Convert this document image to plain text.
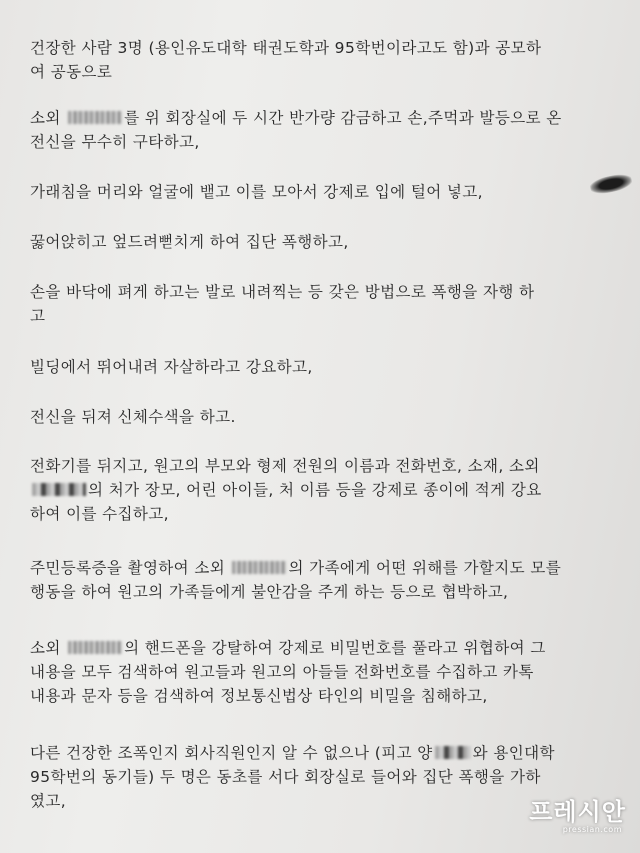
건장한 사람 3명 (용인유도대학 태권도학과 95학번이라고도 함)과 공모하
여 공동으로
소외	를 위 회장실에 두 시간 반가량 감금하고 손,주먹과 발등으로 온
전신을 무수히 구타하고,
가래침을 머리와 얼굴에 뱉고 이를 모아서 강제로 입에 털어 넣고,
꿇어앉히고 엎드려뻗치게 하여 집단 폭행하고,
손을 바닥에 펴게 하고는 발로 내려찍는 등 갖은 방법으로 폭행을 자행 하
고
빌딩에서 뛰어내려 자살하라고 강요하고,
전신을 뒤져 신체수색을 하고.
전화기를 뒤지고, 원고의 부모와 형제 전원의 이름과 전화번호, 소재, 소외
의 처가 장모, 어린 아이들, 처 이름 등을 강제로 종이에 적게 강요
하여 이를 수집하고,
주민등록증을 촬영하여 소외	의 가족에게 어떤 위해를 가할지도 모를
행동을 하여 원고의 가족들에게 불안감을 주게 하는 등으로 협박하고,
소외	의 핸드폰을 강탈하여 강제로 비밀번호를 풀라고 위협하여 그
내용을 모두 검색하여 원고들과 원고의 아들들 전화번호를 수집하고 카톡
내용과 문자 등을 검색하여 정보통신법상 타인의 비밀을 침해하고,
다른 건장한 조폭인지 회사직원인지 알 수 없으나 (피고 양	와 용인대학
95학번의 동기들) 두 명은 동초를 서다 회장실로 들어와 집단 폭행을 가하
였고,	프레시안
pressian.com
